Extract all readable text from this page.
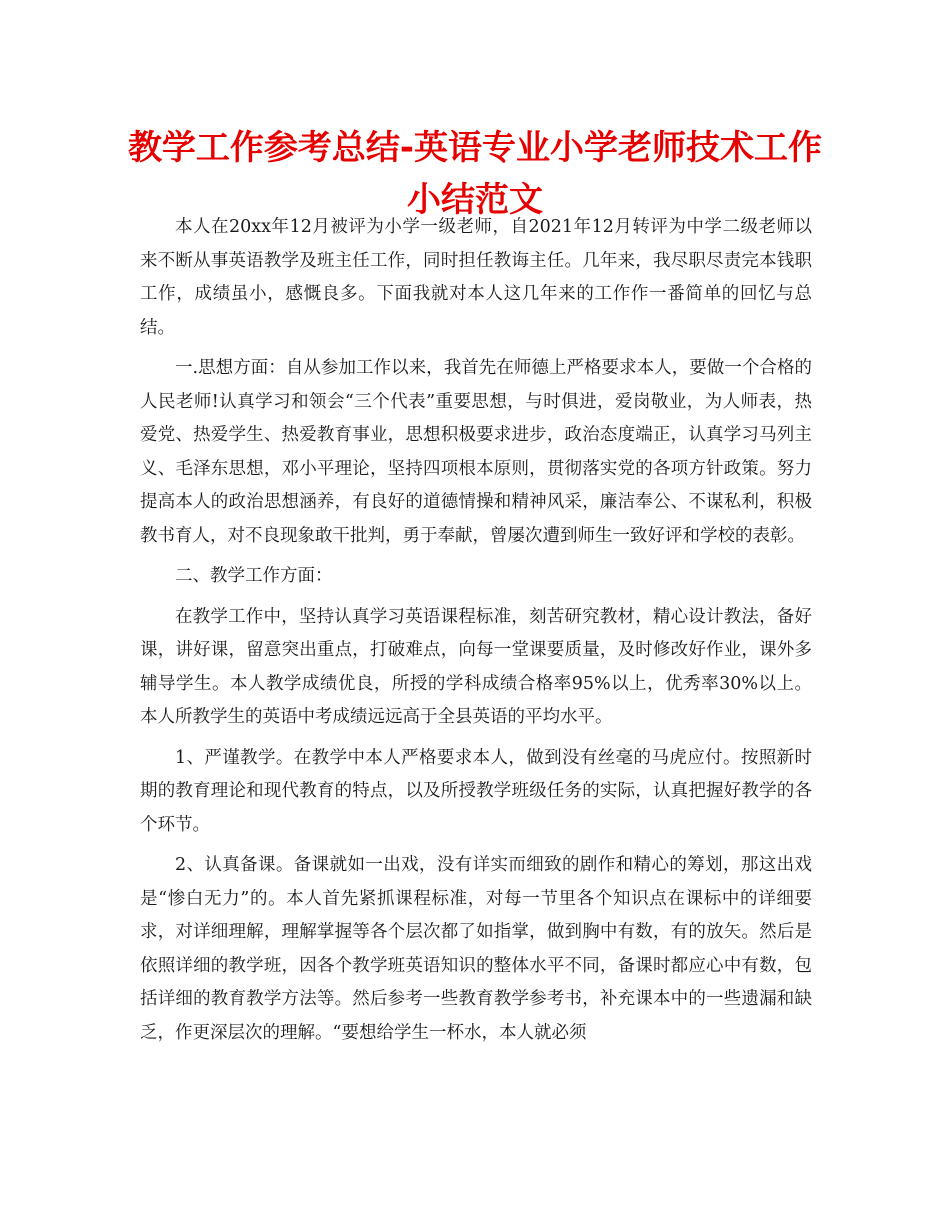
教学工作参考总结-英语专业小学老师技术工作小结范文

本人在20xx年12月被评为小学一级老师，自2021年12月转评为中学二级老师以来不断从事英语教学及班主任工作，同时担任教诲主任。几年来，我尽职尽责完本钱职工作，成绩虽小，感慨良多。下面我就对本人这几年来的工作作一番简单的回忆与总结。

一.思想方面：自从参加工作以来，我首先在师德上严格要求本人，要做一个合格的人民老师!认真学习和领会“三个代表”重要思想，与时俱进，爱岗敬业，为人师表，热爱党、热爱学生、热爱教育事业，思想积极要求进步，政治态度端正，认真学习马列主义、毛泽东思想，邓小平理论，坚持四项根本原则，贯彻落实党的各项方针政策。努力提高本人的政治思想涵养，有良好的道德情操和精神风采，廉洁奉公、不谋私利，积极教书育人，对不良现象敢干批判，勇于奉献，曾屡次遭到师生一致好评和学校的表彰。

二、教学工作方面：

在教学工作中，坚持认真学习英语课程标准，刻苦研究教材，精心设计教法，备好课，讲好课，留意突出重点，打破难点，向每一堂课要质量，及时修改好作业，课外多辅导学生。本人教学成绩优良，所授的学科成绩合格率95%以上，优秀率30%以上。本人所教学生的英语中考成绩远远高于全县英语的平均水平。

1、严谨教学。在教学中本人严格要求本人，做到没有丝毫的马虎应付。按照新时期的教育理论和现代教育的特点，以及所授教学班级任务的实际，认真把握好教学的各个环节。

2、认真备课。备课就如一出戏，没有详实而细致的剧作和精心的筹划，那这出戏是“惨白无力”的。本人首先紧抓课程标准，对每一节里各个知识点在课标中的详细要求，对详细理解，理解掌握等各个层次都了如指掌，做到胸中有数，有的放矢。然后是依照详细的教学班，因各个教学班英语知识的整体水平不同，备课时都应心中有数，包括详细的教育教学方法等。然后参考一些教育教学参考书，补充课本中的一些遗漏和缺乏，作更深层次的理解。“要想给学生一杯水，本人就必须
